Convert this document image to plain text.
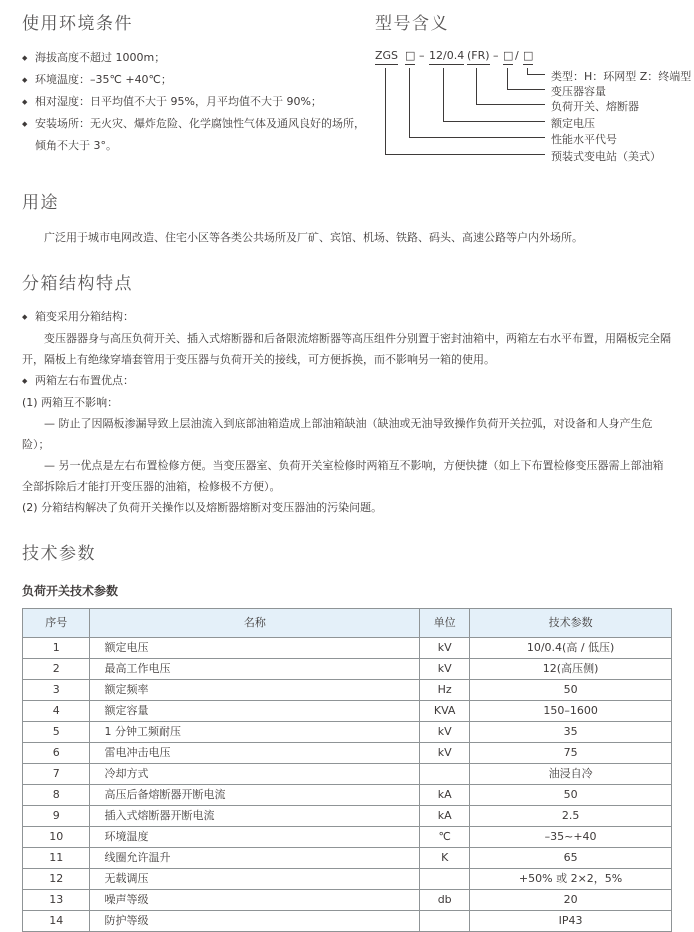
使用环境条件
◆ 海拔高度不超过 1000m；
◆ 环境温度：–35℃ +40℃；
◆ 相对湿度：日平均值不大于 95%，月平均值不大于 90%；
◆ 安装场所：无火灾、爆炸危险、化学腐蚀性气体及通风良好的场所，倾角不大于 3°。
型号含义
ZGS □ – 12/0.4 (FR) – □ / □
类型：H：环网型 Z：终端型
变压器容量
负荷开关、熔断器
额定电压
性能水平代号
预装式变电站（美式）
用途

广泛用于城市电网改造、住宅小区等各类公共场所及厂矿、宾馆、机场、铁路、码头、高速公路等户内外场所。

分箱结构特点
◆ 箱变采用分箱结构：

变压器器身与高压负荷开关、插入式熔断器和后备限流熔断器等高压组件分别置于密封油箱中，两箱左右水平布置，用隔板完全隔开，隔板上有绝缘穿墙套管用于变压器与负荷开关的接线，可方便拆换，而不影响另一箱的使用。

◆ 两箱左右布置优点：

(1) 两箱互不影响：

— 防止了因隔板渗漏导致上层油流入到底部油箱造成上部油箱缺油（缺油或无油导致操作负荷开关拉弧，对设备和人身产生危险）；

— 另一优点是左右布置检修方便。当变压器室、负荷开关室检修时两箱互不影响，方便快捷（如上下布置检修变压器需上部油箱全部拆除后才能打开变压器的油箱，检修极不方便）。

(2) 分箱结构解决了负荷开关操作以及熔断器熔断对变压器油的污染问题。

技术参数
负荷开关技术参数
序号	名称	单位	技术参数
1	额定电压	kV	10/0.4(高 / 低压)
2	最高工作电压	kV	12(高压侧)
3	额定频率	Hz	50
4	额定容量	KVA	150–1600
5	1 分钟工频耐压	kV	35
6	雷电冲击电压	kV	75
7	冷却方式		油浸自冷
8	高压后备熔断器开断电流	kA	50
9	插入式熔断器开断电流	kA	2.5
10	环境温度	℃	–35~+40
11	线圈允许温升	K	65
12	无载调压		+50% 或 2×2，5%
13	噪声等级	db	20
14	防护等级		IP43
